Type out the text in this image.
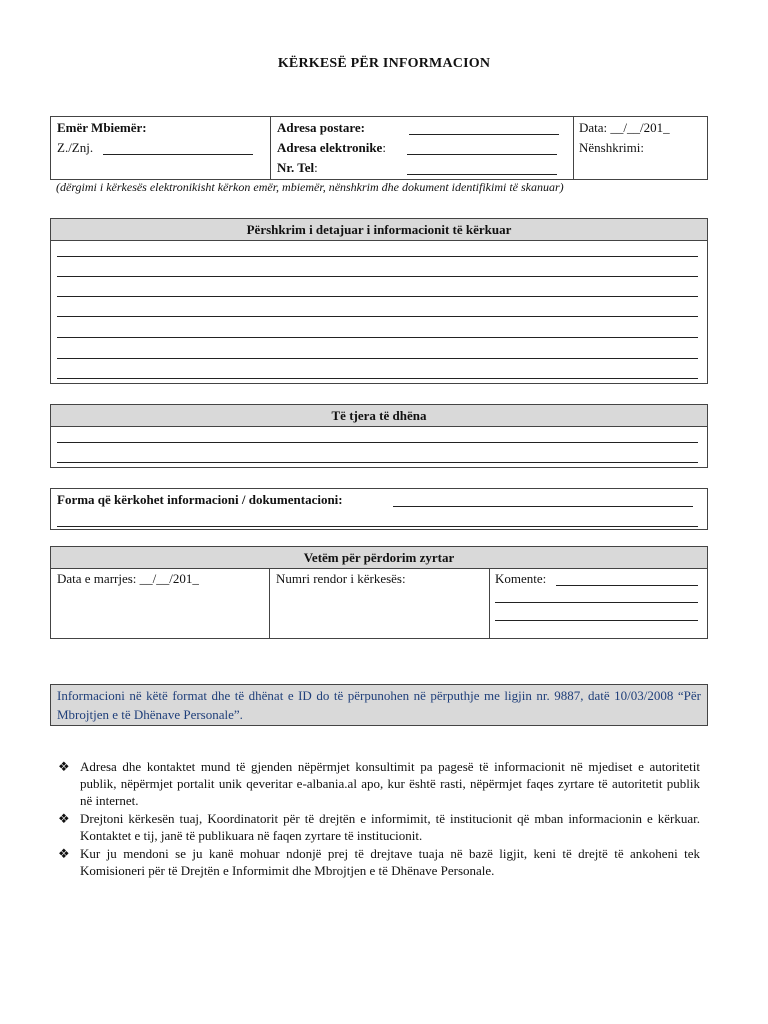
KËRKESË PËR INFORMACION
Emër Mbiemër:
Z./Znj.
Adresa postare:
Adresa elektronike:
Nr. Tel:
Data: __/__/201_
Nënshkrimi:
(dërgimi i kërkesës elektronikisht kërkon emër, mbiemër, nënshkrim dhe dokument identifikimi të skanuar)
Përshkrim i detajuar i informacionit të kërkuar
Të tjera të dhëna
Forma që kërkohet informacioni / dokumentacioni:
Vetëm për përdorim zyrtar
Data e marrjes: __/__/201_	Numri rendor i kërkesës:	Komente:
Informacioni në këtë format dhe të dhënat e ID do të përpunohen në përputhje me ligjin nr. 9887, datë 10/03/2008 “Për Mbrojtjen e të Dhënave Personale”.
❖ Adresa dhe kontaktet mund të gjenden nëpërmjet konsultimit pa pagesë të informacionit në mjediset e autoritetit publik, nëpërmjet portalit unik qeveritar e-albania.al apo, kur është rasti, nëpërmjet faqes zyrtare të autoritetit publik në internet.
❖ Drejtoni kërkesën tuaj, Koordinatorit për të drejtën e informimit, të institucionit që mban informacionin e kërkuar. Kontaktet e tij, janë të publikuara në faqen zyrtare të institucionit.
❖ Kur ju mendoni se ju kanë mohuar ndonjë prej të drejtave tuaja në bazë ligjit, keni të drejtë të ankoheni tek Komisioneri për të Drejtën e Informimit dhe Mbrojtjen e të Dhënave Personale.
